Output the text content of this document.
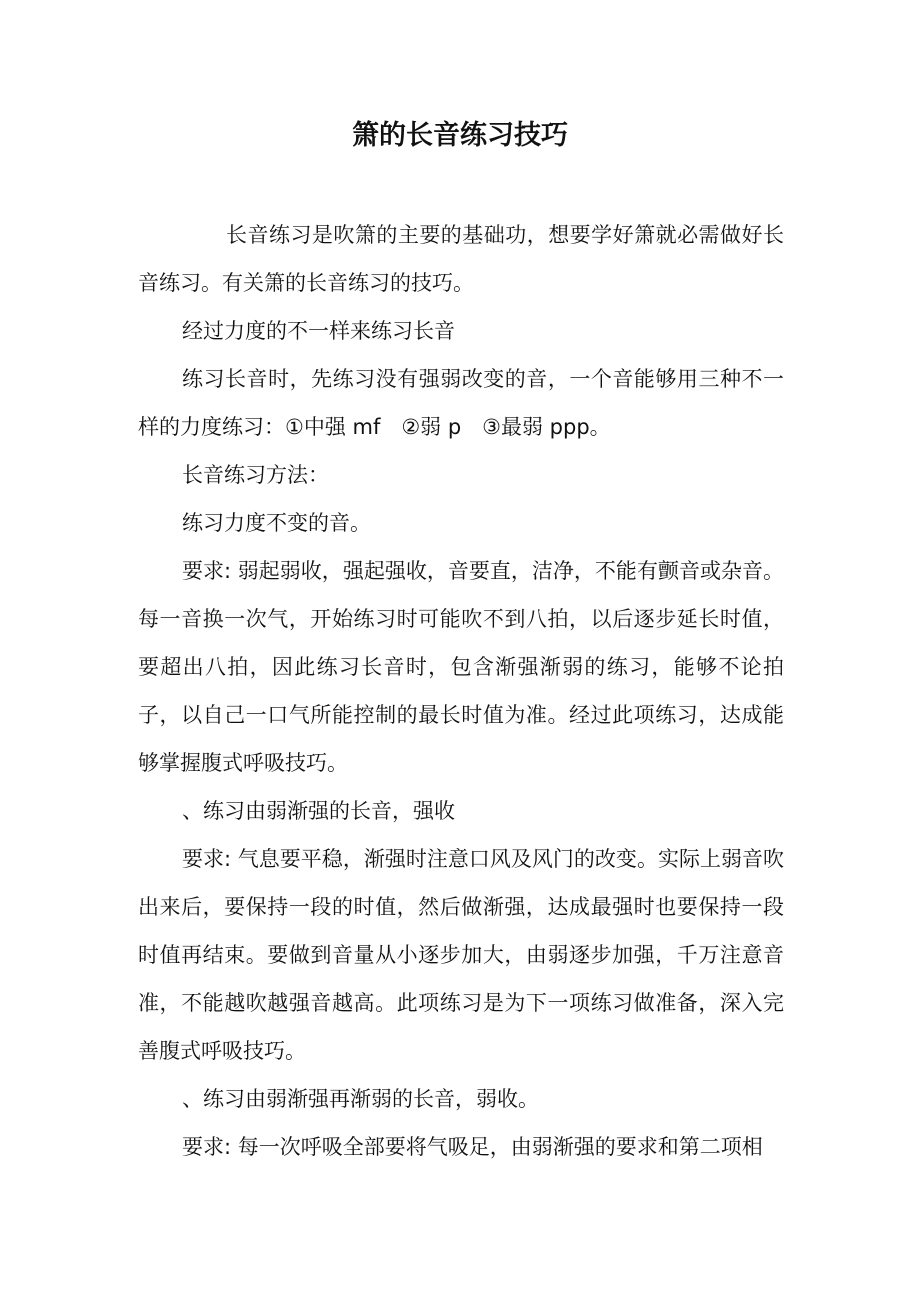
箫的长音练习技巧

长音练习是吹箫的主要的基础功，想要学好箫就必需做好长音练习。有关箫的长音练习的技巧。

经过力度的不一样来练习长音

练习长音时，先练习没有强弱改变的音，一个音能够用三种不一样的力度练习：①中强 mf　②弱 p　③最弱 ppp。

长音练习方法：

练习力度不变的音。

要求: 弱起弱收，强起强收，音要直，洁净，不能有颤音或杂音。每一音换一次气，开始练习时可能吹不到八拍，以后逐步延长时值，要超出八拍，因此练习长音时，包含渐强渐弱的练习，能够不论拍子，以自己一口气所能控制的最长时值为准。经过此项练习，达成能够掌握腹式呼吸技巧。

、练习由弱渐强的长音，强收

要求: 气息要平稳，渐强时注意口风及风门的改变。实际上弱音吹出来后，要保持一段的时值，然后做渐强，达成最强时也要保持一段时值再结束。要做到音量从小逐步加大，由弱逐步加强，千万注意音准，不能越吹越强音越高。此项练习是为下一项练习做准备，深入完善腹式呼吸技巧。

、练习由弱渐强再渐弱的长音，弱收。

要求: 每一次呼吸全部要将气吸足，由弱渐强的要求和第二项相
